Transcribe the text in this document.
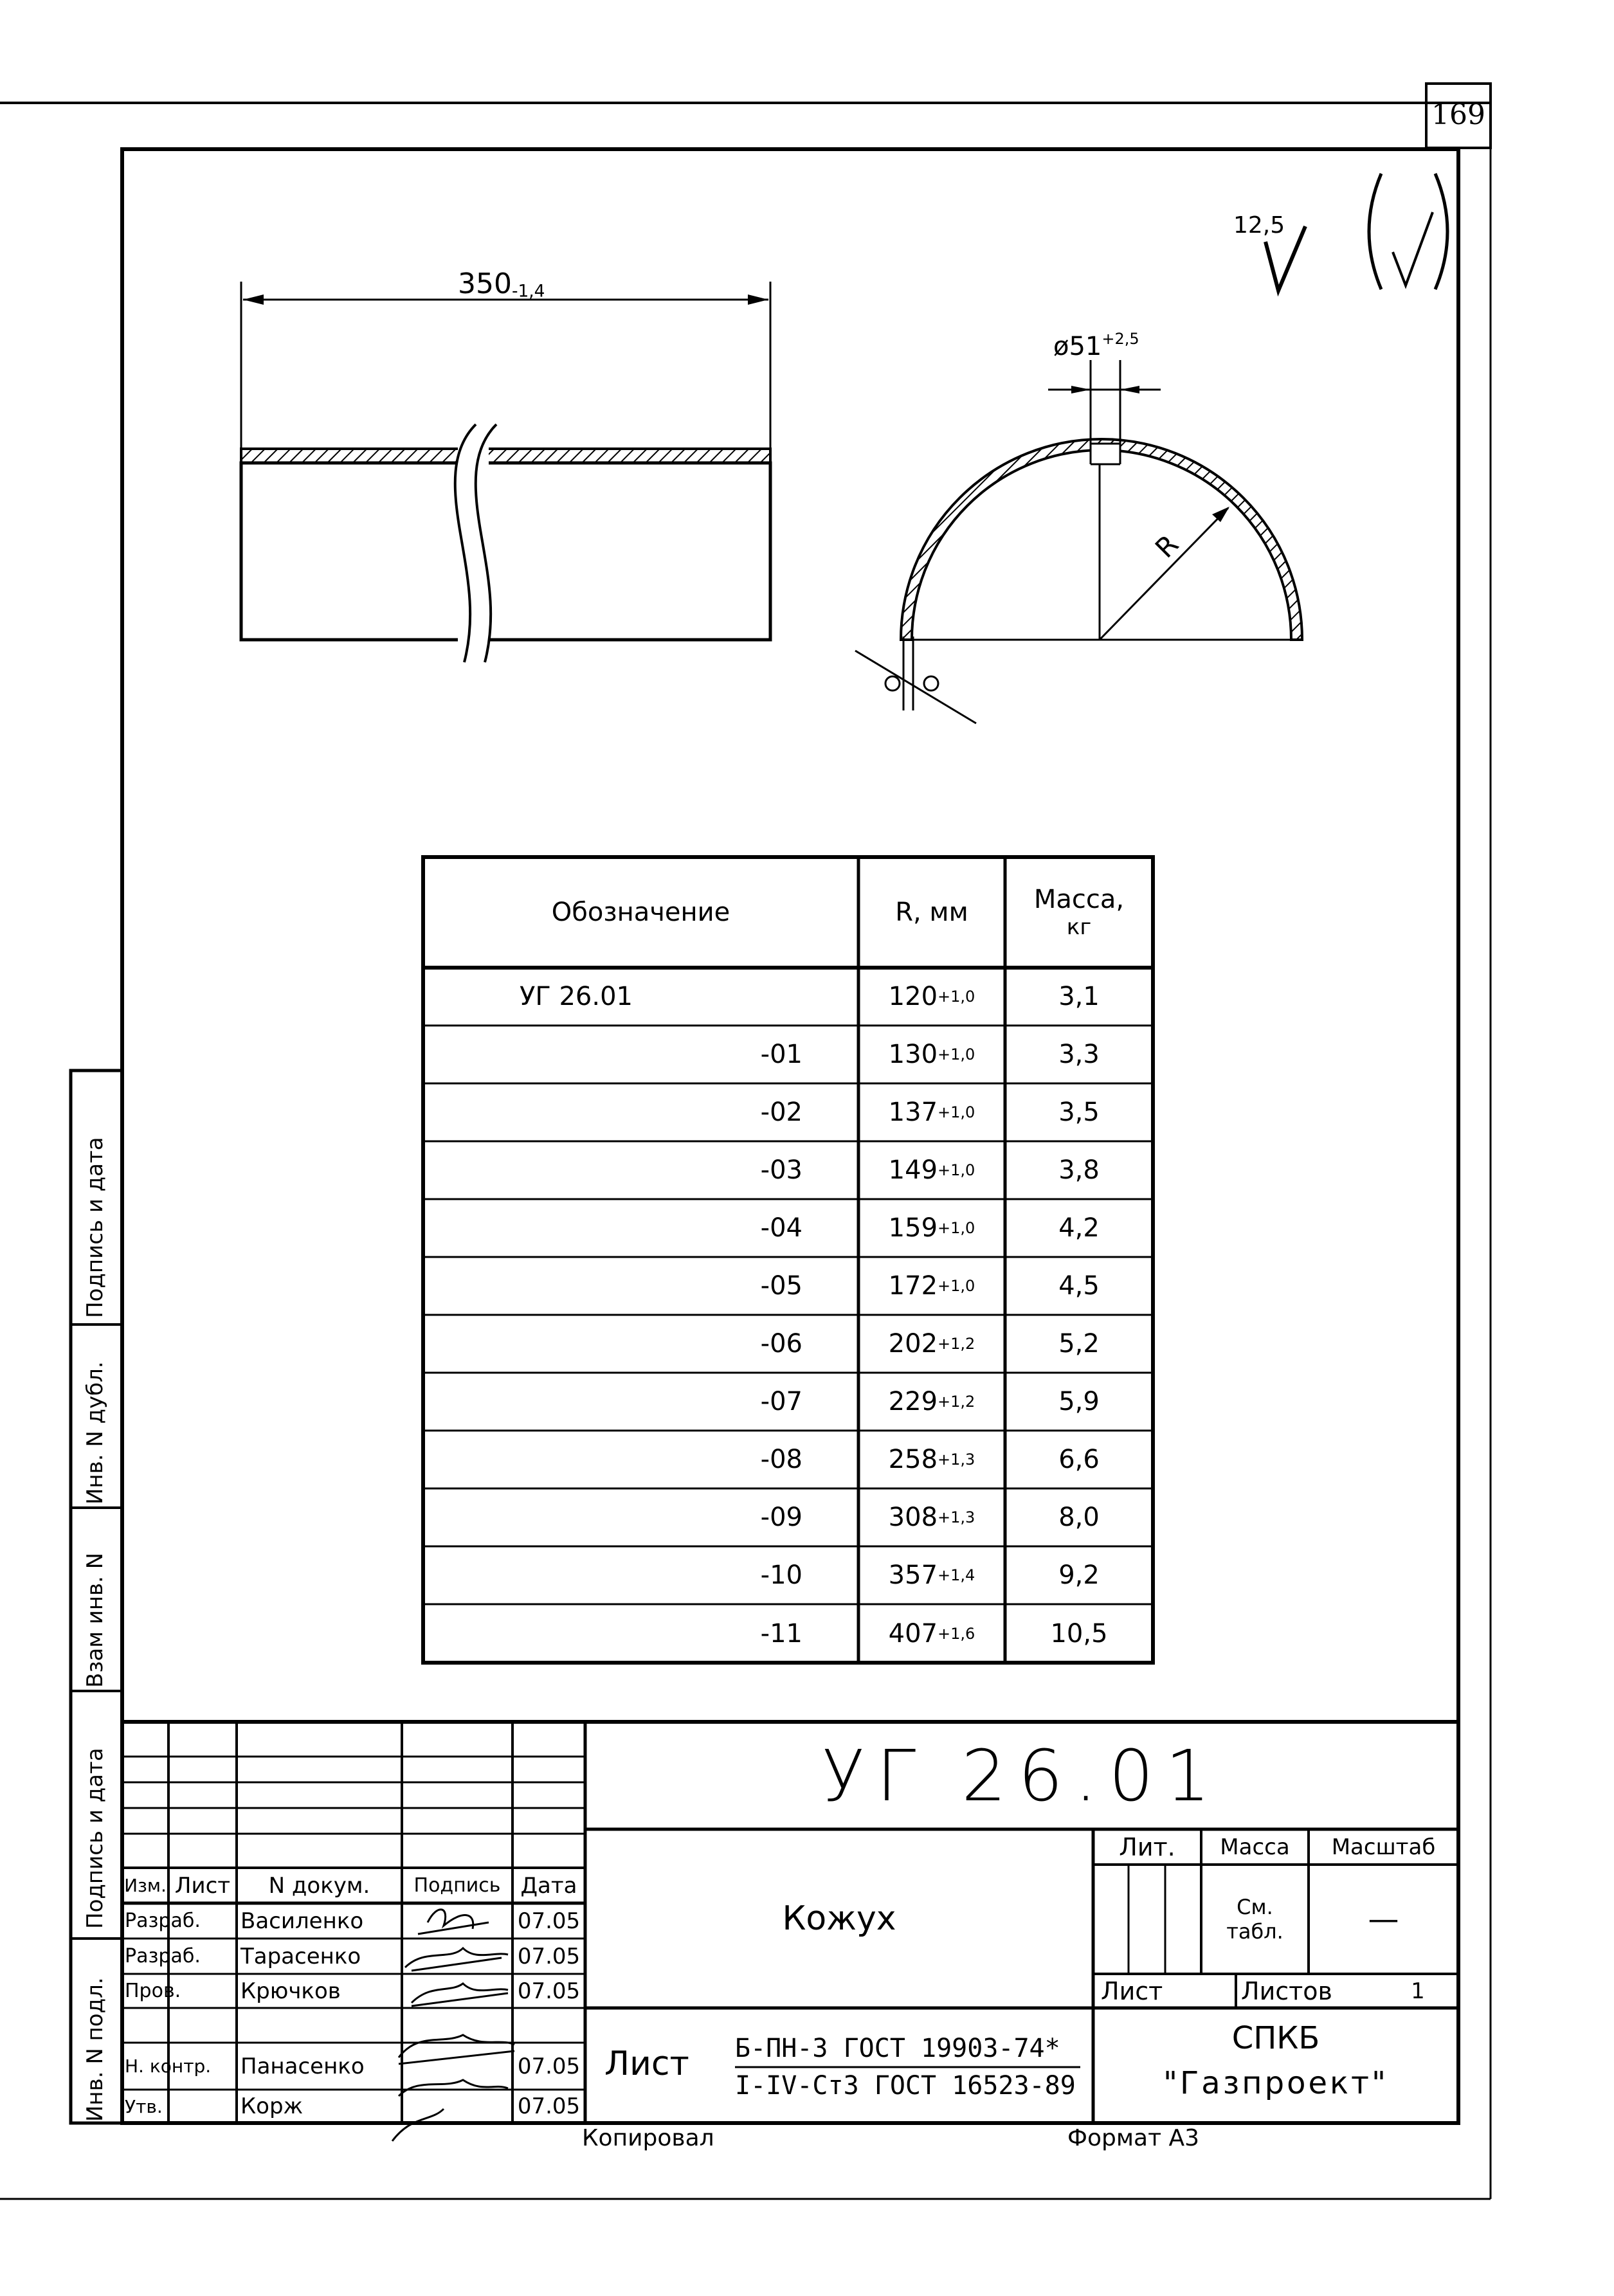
169
12,5
$350_{-1,4}$
$ø51^{+2,5}$
R
Обозначение	R, мм	Масса,
кг
УГ 26.01	120 +1,0	3,1
-01	130 +1,0	3,3
-02	137 +1,0	3,5
-03	149 +1,0	3,8
-04	159 +1,0	4,2
-05	172 +1,0	4,5
-06	202 +1,2	5,2
-07	229 +1,2	5,9
-08	258 +1,3	6,6
-09	308 +1,3	8,0
-10	357 +1,4	9,2
-11	407 +1,6	10,5
УГ 26.01
Кожух
Изм. Лист	N докум.	Подпись Дата
Разраб.	Василенко	07.05
Разраб.	Тарасенко	07.05
Пров.	Крючков	07.05
Н. контр.	Панасенко	07.05
Утв.	Корж	07.05
Лит.	Масса	Масштаб
См.
табл.	—
Лист	Листов	1
Лист	Б-ПН-3 ГОСТ 19903-74*
I-IV-Ст3 ГОСТ 16523-89
СПКБ
"Газпроект"
Копировал	Формат А3
Инв. N подл.
Подпись и дата
Взам инв. N
Инв. N дубл.
Подпись и дата
